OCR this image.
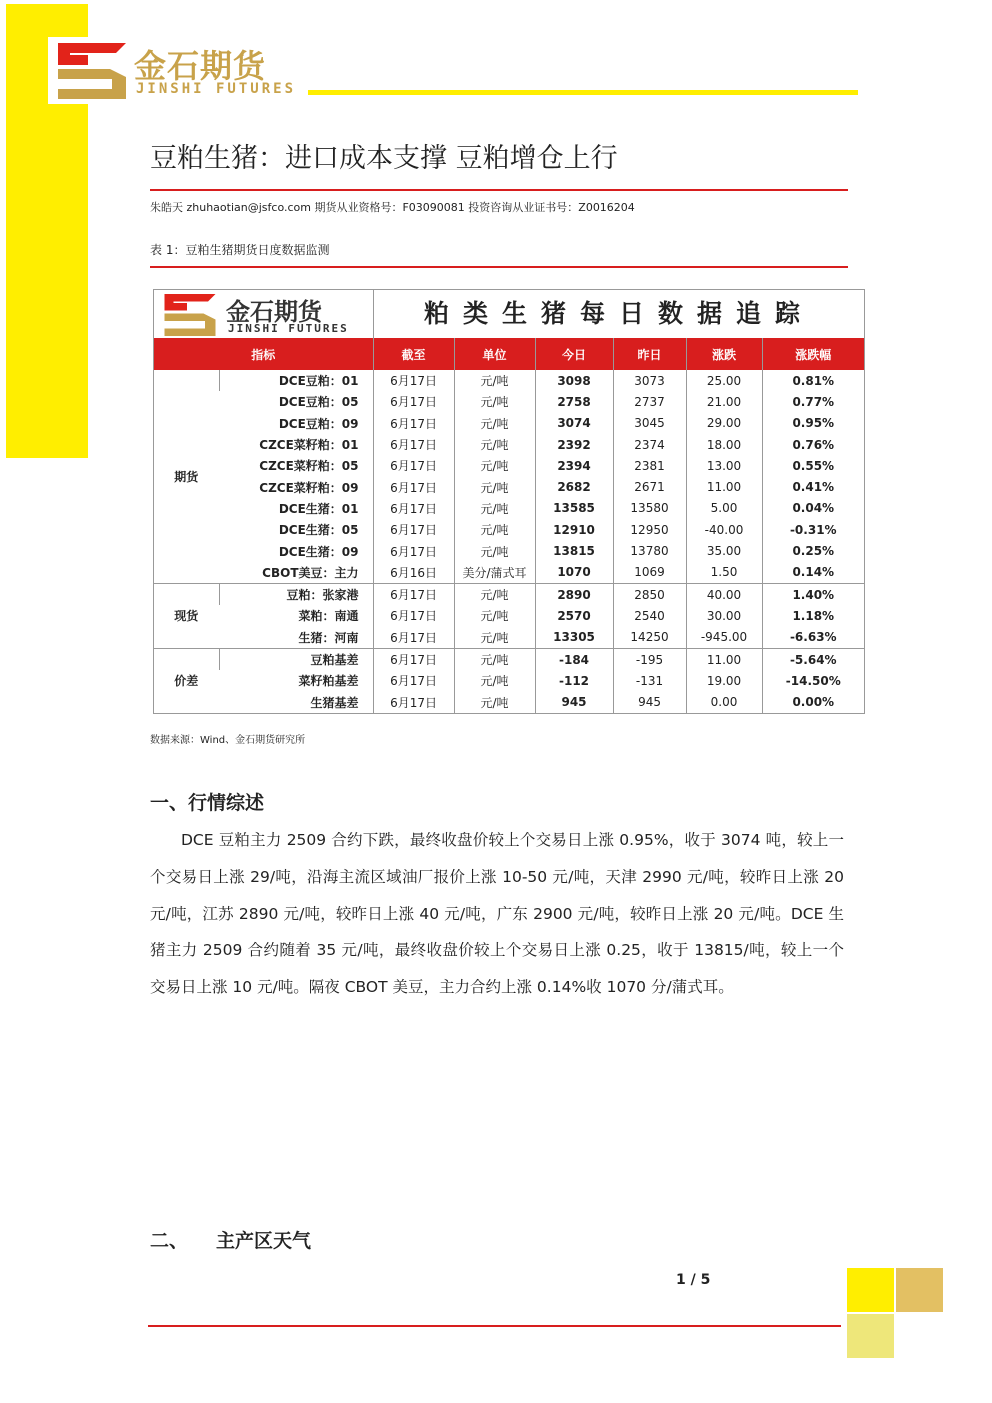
金石期货
JINSHI FUTURES
豆粕生猪：进口成本支撑 豆粕增仓上行
朱皓天 zhuhaotian@jsfco.com 期货从业资格号：F03090081 投资咨询从业证书号：Z0016204
表 1：豆粕生猪期货日度数据监测
金石期货
JINSHI FUTURES
粕类生猪每日数据追踪
指标		截至	单位	今日	昨日	涨跌	涨跌幅
期货	DCE豆粕：01	6月17日	元/吨	3098	3073	25.00	0.81%
	DCE豆粕：05	6月17日	元/吨	2758	2737	21.00	0.77%
	DCE豆粕：09	6月17日	元/吨	3074	3045	29.00	0.95%
	CZCE菜籽粕：01	6月17日	元/吨	2392	2374	18.00	0.76%
	CZCE菜籽粕：05	6月17日	元/吨	2394	2381	13.00	0.55%
	CZCE菜籽粕：09	6月17日	元/吨	2682	2671	11.00	0.41%
	DCE生猪：01	6月17日	元/吨	13585	13580	5.00	0.04%
	DCE生猪：05	6月17日	元/吨	12910	12950	-40.00	-0.31%
	DCE生猪：09	6月17日	元/吨	13815	13780	35.00	0.25%
	CBOT美豆：主力	6月16日	美分/蒲式耳	1070	1069	1.50	0.14%
现货	豆粕：张家港	6月17日	元/吨	2890	2850	40.00	1.40%
	菜粕：南通	6月17日	元/吨	2570	2540	30.00	1.18%
	生猪：河南	6月17日	元/吨	13305	14250	-945.00	-6.63%
价差	豆粕基差	6月17日	元/吨	-184	-195	11.00	-5.64%
	菜籽粕基差	6月17日	元/吨	-112	-131	19.00	-14.50%
	生猪基差	6月17日	元/吨	945	945	0.00	0.00%
数据来源：Wind、金石期货研究所
一、行情综述
  DCE 豆粕主力 2509 合约下跌，最终收盘价较上个交易日上涨 0.95%，收于 3074 吨，较上一个交易日上涨 29/吨，沿海主流区域油厂报价上涨 10-50 元/吨，天津 2990 元/吨，较昨日上涨 20 元/吨，江苏 2890 元/吨，较昨日上涨 40 元/吨，广东 2900 元/吨，较昨日上涨 20 元/吨。DCE 生猪主力 2509 合约随着 35 元/吨，最终收盘价较上个交易日上涨 0.25，收于 13815/吨，较上一个交易日上涨 10 元/吨。隔夜 CBOT 美豆，主力合约上涨 0.14%收 1070 分/蒲式耳。
二、 主产区天气
1 / 5
